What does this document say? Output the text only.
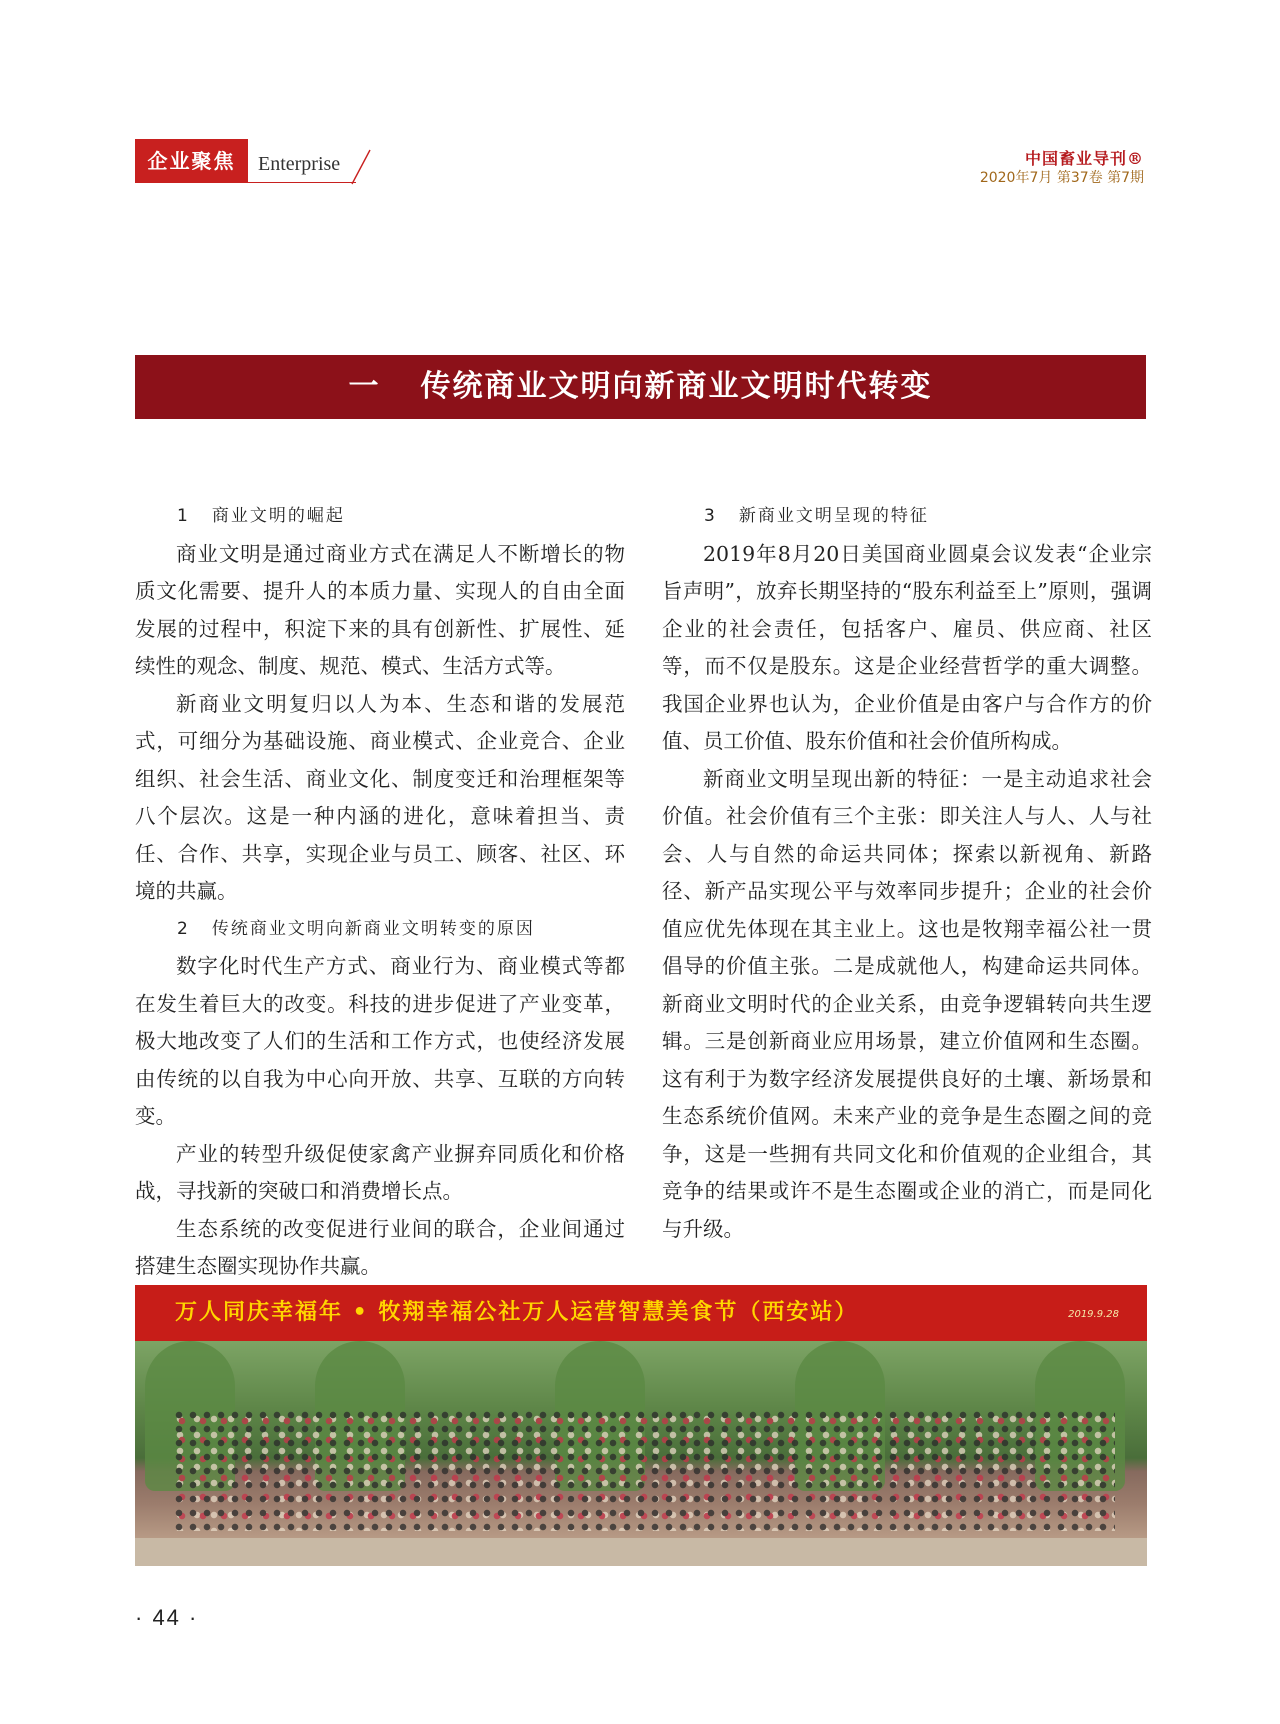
企业聚焦	Enterprise	中国畜业导刊®
2020年7月 第37卷 第7期
一 传统商业文明向新商业文明时代转变

1 商业文明的崛起

商业文明是通过商业方式在满足人不断增长的物质文化需要、提升人的本质力量、实现人的自由全面发展的过程中，积淀下来的具有创新性、扩展性、延续性的观念、制度、规范、模式、生活方式等。

新商业文明复归以人为本、生态和谐的发展范式，可细分为基础设施、商业模式、企业竞合、企业组织、社会生活、商业文化、制度变迁和治理框架等八个层次。这是一种内涵的进化，意味着担当、责任、合作、共享，实现企业与员工、顾客、社区、环境的共赢。

2 传统商业文明向新商业文明转变的原因

数字化时代生产方式、商业行为、商业模式等都在发生着巨大的改变。科技的进步促进了产业变革，极大地改变了人们的生活和工作方式，也使经济发展由传统的以自我为中心向开放、共享、互联的方向转变。

产业的转型升级促使家禽产业摒弃同质化和价格战，寻找新的突破口和消费增长点。

生态系统的改变促进行业间的联合，企业间通过搭建生态圈实现协作共赢。

3 新商业文明呈现的特征

2019年8月20日美国商业圆桌会议发表“企业宗旨声明”，放弃长期坚持的“股东利益至上”原则，强调企业的社会责任，包括客户、雇员、供应商、社区等，而不仅是股东。这是企业经营哲学的重大调整。我国企业界也认为，企业价值是由客户与合作方的价值、员工价值、股东价值和社会价值所构成。

新商业文明呈现出新的特征：一是主动追求社会价值。社会价值有三个主张：即关注人与人、人与社会、人与自然的命运共同体；探索以新视角、新路径、新产品实现公平与效率同步提升；企业的社会价值应优先体现在其主业上。这也是牧翔幸福公社一贯倡导的价值主张。二是成就他人，构建命运共同体。新商业文明时代的企业关系，由竞争逻辑转向共生逻辑。三是创新商业应用场景，建立价值网和生态圈。这有利于为数字经济发展提供良好的土壤、新场景和生态系统价值网。未来产业的竞争是生态圈之间的竞争，这是一些拥有共同文化和价值观的企业组合，其竞争的结果或许不是生态圈或企业的消亡，而是同化与升级。

万人同庆幸福年 • 牧翔幸福公社万人运营智慧美食节（西安站）	2019.9.28
· 44 ·
